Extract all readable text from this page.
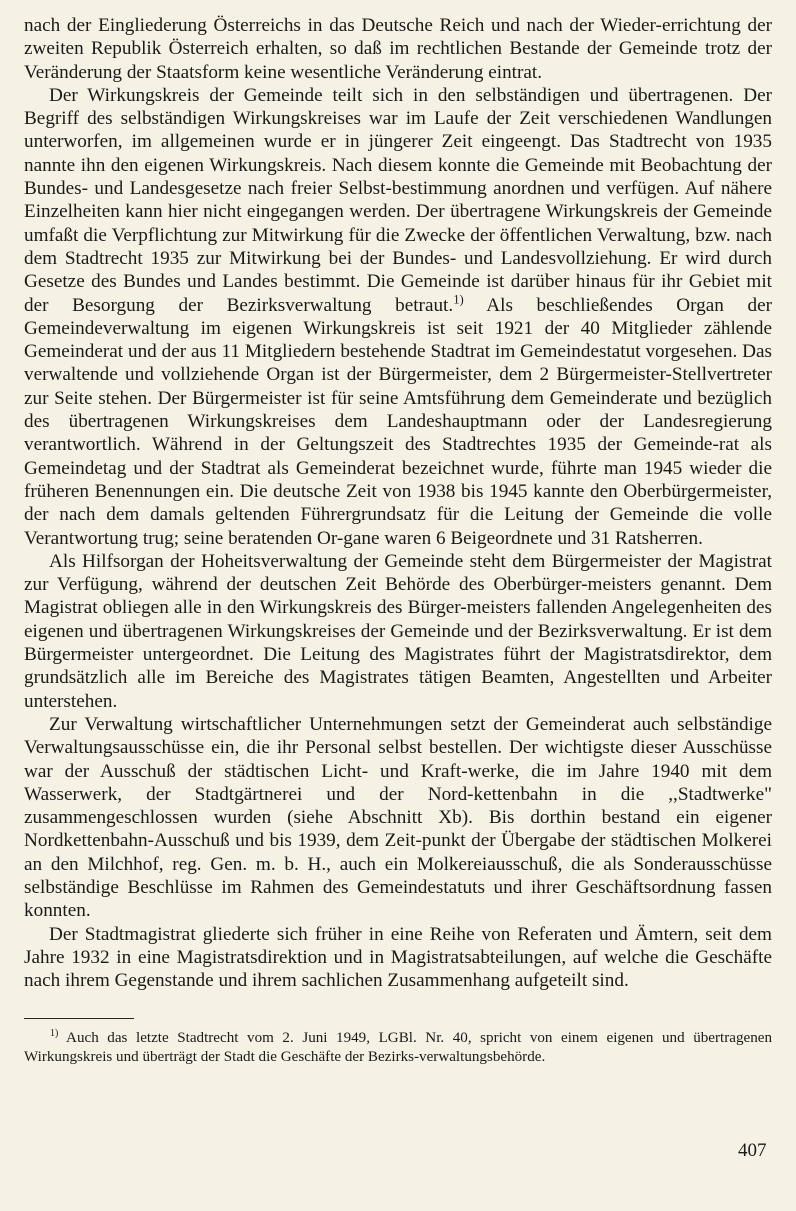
nach der Eingliederung Österreichs in das Deutsche Reich und nach der Wieder-errichtung der zweiten Republik Österreich erhalten, so daß im rechtlichen Bestande der Gemeinde trotz der Veränderung der Staatsform keine wesentliche Veränderung eintrat.

Der Wirkungskreis der Gemeinde teilt sich in den selbständigen und übertragenen. Der Begriff des selbständigen Wirkungskreises war im Laufe der Zeit verschiedenen Wandlungen unterworfen, im allgemeinen wurde er in jüngerer Zeit eingeengt. Das Stadtrecht von 1935 nannte ihn den eigenen Wirkungskreis. Nach diesem konnte die Gemeinde mit Beobachtung der Bundes- und Landesgesetze nach freier Selbst-bestimmung anordnen und verfügen. Auf nähere Einzelheiten kann hier nicht eingegangen werden. Der übertragene Wirkungskreis der Gemeinde umfaßt die Verpflichtung zur Mitwirkung für die Zwecke der öffentlichen Verwaltung, bzw. nach dem Stadtrecht 1935 zur Mitwirkung bei der Bundes- und Landesvollziehung. Er wird durch Gesetze des Bundes und Landes bestimmt. Die Gemeinde ist darüber hinaus für ihr Gebiet mit der Besorgung der Bezirksverwaltung betraut.$^{1)}$ Als beschließendes Organ der Gemeindeverwaltung im eigenen Wirkungskreis ist seit 1921 der 40 Mitglieder zählende Gemeinderat und der aus 11 Mitgliedern bestehende Stadtrat im Gemeindestatut vorgesehen. Das verwaltende und vollziehende Organ ist der Bürgermeister, dem 2 Bürgermeister-Stellvertreter zur Seite stehen. Der Bürgermeister ist für seine Amtsführung dem Gemeinderate und bezüglich des übertragenen Wirkungskreises dem Landeshauptmann oder der Landesregierung verantwortlich. Während in der Geltungszeit des Stadtrechtes 1935 der Gemeinde-rat als Gemeindetag und der Stadtrat als Gemeinderat bezeichnet wurde, führte man 1945 wieder die früheren Benennungen ein. Die deutsche Zeit von 1938 bis 1945 kannte den Oberbürgermeister, der nach dem damals geltenden Führergrundsatz für die Leitung der Gemeinde die volle Verantwortung trug; seine beratenden Or-gane waren 6 Beigeordnete und 31 Ratsherren.

Als Hilfsorgan der Hoheitsverwaltung der Gemeinde steht dem Bürgermeister der Magistrat zur Verfügung, während der deutschen Zeit Behörde des Oberbürger-meisters genannt. Dem Magistrat obliegen alle in den Wirkungskreis des Bürger-meisters fallenden Angelegenheiten des eigenen und übertragenen Wirkungskreises der Gemeinde und der Bezirksverwaltung. Er ist dem Bürgermeister untergeordnet. Die Leitung des Magistrates führt der Magistratsdirektor, dem grundsätzlich alle im Bereiche des Magistrates tätigen Beamten, Angestellten und Arbeiter unterstehen.

Zur Verwaltung wirtschaftlicher Unternehmungen setzt der Gemeinderat auch selbständige Verwaltungsausschüsse ein, die ihr Personal selbst bestellen. Der wichtigste dieser Ausschüsse war der Ausschuß der städtischen Licht- und Kraft-werke, die im Jahre 1940 mit dem Wasserwerk, der Stadtgärtnerei und der Nord-kettenbahn in die ,,Stadtwerke" zusammengeschlossen wurden (siehe Abschnitt Xb). Bis dorthin bestand ein eigener Nordkettenbahn-Ausschuß und bis 1939, dem Zeit-punkt der Übergabe der städtischen Molkerei an den Milchhof, reg. Gen. m. b. H., auch ein Molkereiausschuß, die als Sonderausschüsse selbständige Beschlüsse im Rahmen des Gemeindestatuts und ihrer Geschäftsordnung fassen konnten.

Der Stadtmagistrat gliederte sich früher in eine Reihe von Referaten und Ämtern, seit dem Jahre 1932 in eine Magistratsdirektion und in Magistratsabteilungen, auf welche die Geschäfte nach ihrem Gegenstande und ihrem sachlichen Zusammenhang aufgeteilt sind.

$^{1)}$ Auch das letzte Stadtrecht vom 2. Juni 1949, LGBl. Nr. 40, spricht von einem eigenen und übertragenen Wirkungskreis und überträgt der Stadt die Geschäfte der Bezirks-verwaltungsbehörde.

407
